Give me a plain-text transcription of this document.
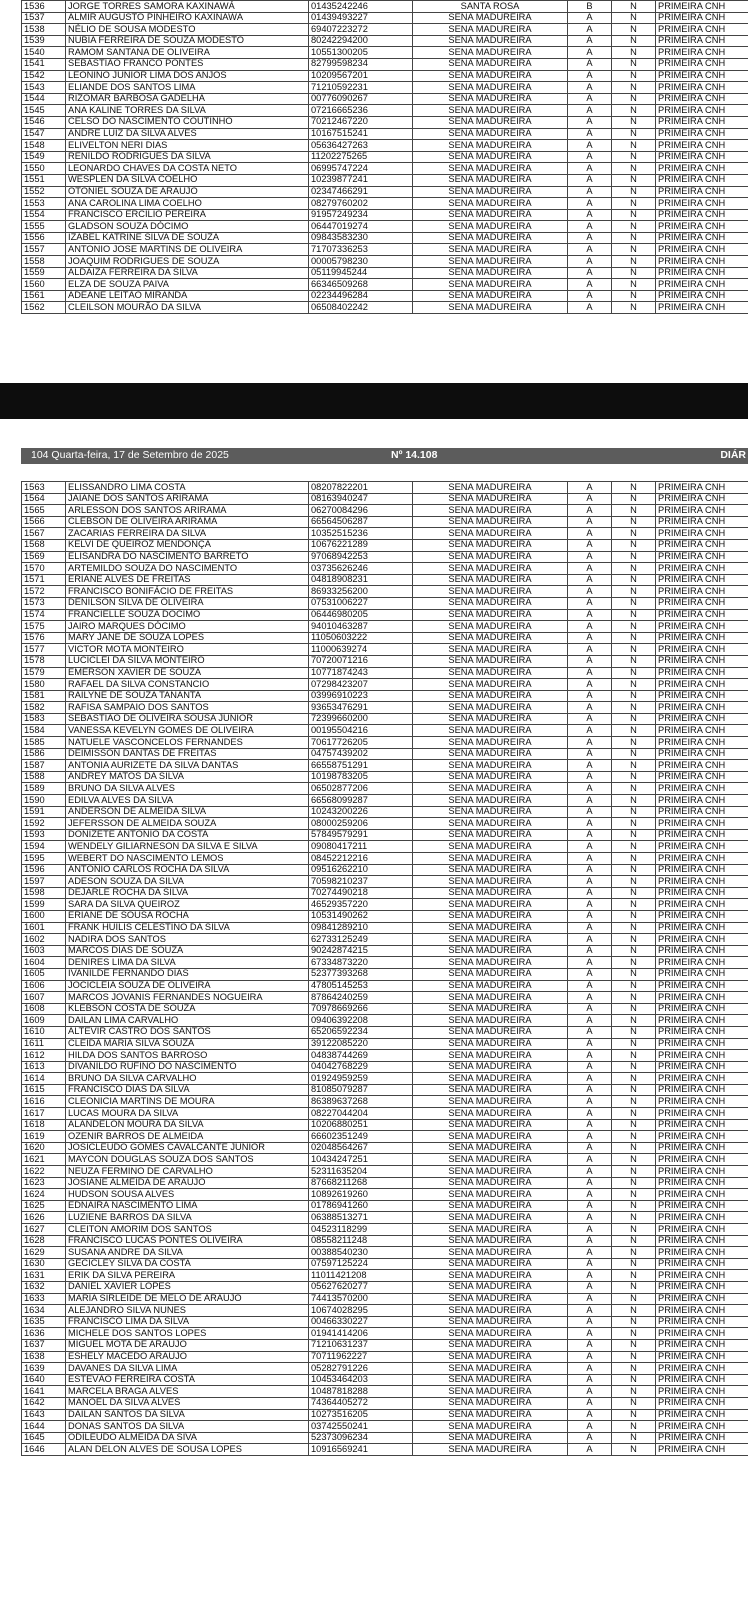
1536	JORGE TORRES SAMORA KAXINAWÁ	01435242246	SANTA ROSA	B	N	PRIMEIRA CNH
1537	ALMIR AUGUSTO PINHEIRO KAXINAWÁ	01439493227	SENA MADUREIRA	A	N	PRIMEIRA CNH
1538	NÉLIO DE SOUSA MODESTO	69407223272	SENA MADUREIRA	A	N	PRIMEIRA CNH
1539	NÚBIA FERREIRA DE SOUZA MODESTO	80242294200	SENA MADUREIRA	A	N	PRIMEIRA CNH
1540	RAMOM SANTANA DE OLIVEIRA	10551300205	SENA MADUREIRA	A	N	PRIMEIRA CNH
1541	SEBASTIÃO FRANCO PONTES	82799598234	SENA MADUREIRA	A	N	PRIMEIRA CNH
1542	LEONINO JUNIOR LIMA DOS ANJOS	10209567201	SENA MADUREIRA	A	N	PRIMEIRA CNH
1543	ELIANDE DOS SANTOS LIMA	71210592231	SENA MADUREIRA	A	N	PRIMEIRA CNH
1544	RIZOMAR BARBOSA GADELHA	00776090267	SENA MADUREIRA	A	N	PRIMEIRA CNH
1545	ANA KALINE TORRES DA SILVA	07216665236	SENA MADUREIRA	A	N	PRIMEIRA CNH
1546	CELSO DO NASCIMENTO COUTINHO	70212467220	SENA MADUREIRA	A	N	PRIMEIRA CNH
1547	ANDRE LUIZ DA SILVA ALVES	10167515241	SENA MADUREIRA	A	N	PRIMEIRA CNH
1548	ELIVELTON NERI DIAS	05636427263	SENA MADUREIRA	A	N	PRIMEIRA CNH
1549	RENILDO RODRIGUES DA SILVA	11202275265	SENA MADUREIRA	A	N	PRIMEIRA CNH
1550	LEONARDO CHAVES DA COSTA NETO	06995747224	SENA MADUREIRA	A	N	PRIMEIRA CNH
1551	WESPLEN DA SILVA COELHO	10239877241	SENA MADUREIRA	A	N	PRIMEIRA CNH
1552	OTONIEL SOUZA DE ARAUJO	02347466291	SENA MADUREIRA	A	N	PRIMEIRA CNH
1553	ANA CAROLINA LIMA COELHO	08279760202	SENA MADUREIRA	A	N	PRIMEIRA CNH
1554	FRANCISCO ERCILIO PEREIRA	91957249234	SENA MADUREIRA	A	N	PRIMEIRA CNH
1555	GLADSON SOUZA DÓCIMO	06447019274	SENA MADUREIRA	A	N	PRIMEIRA CNH
1556	IZABEL KATRINE SILVA DE SOUZA	09843583230	SENA MADUREIRA	A	N	PRIMEIRA CNH
1557	ANTONIO JOSE MARTINS DE OLIVEIRA	71707336253	SENA MADUREIRA	A	N	PRIMEIRA CNH
1558	JOAQUIM RODRIGUES DE SOUZA	00005798230	SENA MADUREIRA	A	N	PRIMEIRA CNH
1559	ALDAIZA FERREIRA DA SILVA	05119945244	SENA MADUREIRA	A	N	PRIMEIRA CNH
1560	ELZA DE SOUZA PAIVA	66346509268	SENA MADUREIRA	A	N	PRIMEIRA CNH
1561	ADEANE LEITÃO MIRANDA	02234496284	SENA MADUREIRA	A	N	PRIMEIRA CNH
1562	CLEILSON MOURÃO DA SILVA	06508402242	SENA MADUREIRA	A	N	PRIMEIRA CNH
104 Quarta-feira, 17 de Setembro de 2025	Nº 14.108	DIÁR
1563	ELISSANDRO LIMA COSTA	08207822201	SENA MADUREIRA	A	N	PRIMEIRA CNH
1564	JAIANE DOS SANTOS ARIRAMA	08163940247	SENA MADUREIRA	A	N	PRIMEIRA CNH
1565	ARLESSON DOS SANTOS ARIRAMA	06270084296	SENA MADUREIRA	A	N	PRIMEIRA CNH
1566	CLEBSON DE OLIVEIRA ARIRAMA	66564506287	SENA MADUREIRA	A	N	PRIMEIRA CNH
1567	ZACARIAS FERREIRA DA SILVA	10352515236	SENA MADUREIRA	A	N	PRIMEIRA CNH
1568	KELVI DE QUEIROZ MENDONÇA	10676221289	SENA MADUREIRA	A	N	PRIMEIRA CNH
1569	ELISANDRA DO NASCIMENTO BARRETO	97068942253	SENA MADUREIRA	A	N	PRIMEIRA CNH
1570	ARTEMILDO SOUZA DO NASCIMENTO	03735626246	SENA MADUREIRA	A	N	PRIMEIRA CNH
1571	ERIANE ALVES DE FREITAS	04818908231	SENA MADUREIRA	A	N	PRIMEIRA CNH
1572	FRANCISCO BONIFÁCIO DE FREITAS	86933256200	SENA MADUREIRA	A	N	PRIMEIRA CNH
1573	DENILSON SILVA DE OLIVEIRA	07531006227	SENA MADUREIRA	A	N	PRIMEIRA CNH
1574	FRANCIELLE SOUZA DOCIMO	06446980205	SENA MADUREIRA	A	N	PRIMEIRA CNH
1575	JAIRO MARQUES DÓCIMO	94010463287	SENA MADUREIRA	A	N	PRIMEIRA CNH
1576	MARY JANE DE SOUZA LOPES	11050603222	SENA MADUREIRA	A	N	PRIMEIRA CNH
1577	VICTOR MOTA MONTEIRO	11000639274	SENA MADUREIRA	A	N	PRIMEIRA CNH
1578	LUCICLEI DA SILVA MONTEIRO	70720071216	SENA MADUREIRA	A	N	PRIMEIRA CNH
1579	EMERSON XAVIER DE SOUZA	10771874243	SENA MADUREIRA	A	N	PRIMEIRA CNH
1580	RAFAEL DA SILVA CONSTANCIO	07298423207	SENA MADUREIRA	A	N	PRIMEIRA CNH
1581	RAILYNE DE SOUZA TANANTA	03996910223	SENA MADUREIRA	A	N	PRIMEIRA CNH
1582	RAFISA SAMPAIO DOS SANTOS	93653476291	SENA MADUREIRA	A	N	PRIMEIRA CNH
1583	SEBASTIÃO DE OLIVEIRA SOUSA JUNIOR	72399660200	SENA MADUREIRA	A	N	PRIMEIRA CNH
1584	VANESSA KEVELYN GOMES DE OLIVEIRA	00195504216	SENA MADUREIRA	A	N	PRIMEIRA CNH
1585	NATUELE VASCONCELOS FERNANDES	70617726205	SENA MADUREIRA	A	N	PRIMEIRA CNH
1586	DEIMISSON DANTAS DE FREITAS	04757439202	SENA MADUREIRA	A	N	PRIMEIRA CNH
1587	ANTONIA AURIZETE DA SILVA DANTAS	66558751291	SENA MADUREIRA	A	N	PRIMEIRA CNH
1588	ANDREY MATOS DA SILVA	10198783205	SENA MADUREIRA	A	N	PRIMEIRA CNH
1589	BRUNO DA SILVA ALVES	06502877206	SENA MADUREIRA	A	N	PRIMEIRA CNH
1590	EDILVA ALVES DA SILVA	66568099287	SENA MADUREIRA	A	N	PRIMEIRA CNH
1591	ANDERSON DE ALMEIDA SILVA	10243200226	SENA MADUREIRA	A	N	PRIMEIRA CNH
1592	JEFERSSON DE ALMEIDA SOUZA	08000259206	SENA MADUREIRA	A	N	PRIMEIRA CNH
1593	DONIZETE ANTÔNIO DA COSTA	57849579291	SENA MADUREIRA	A	N	PRIMEIRA CNH
1594	WENDELY GILIARNESON DA SILVA E SILVA	09080417211	SENA MADUREIRA	A	N	PRIMEIRA CNH
1595	WEBERT DO NASCIMENTO LEMOS	08452212216	SENA MADUREIRA	A	N	PRIMEIRA CNH
1596	ANTÔNIO CARLOS ROCHA DA SILVA	09516262210	SENA MADUREIRA	A	N	PRIMEIRA CNH
1597	ADESON SOUZA DA SILVA	70598210237	SENA MADUREIRA	A	N	PRIMEIRA CNH
1598	DEJARLE ROCHA DA SILVA	70274490218	SENA MADUREIRA	A	N	PRIMEIRA CNH
1599	SARA DA SILVA QUEIROZ	46529357220	SENA MADUREIRA	A	N	PRIMEIRA CNH
1600	ERIANE DE SOUSA ROCHA	10531490262	SENA MADUREIRA	A	N	PRIMEIRA CNH
1601	FRANK HUILIS CELESTINO DA SILVA	09841289210	SENA MADUREIRA	A	N	PRIMEIRA CNH
1602	NADIRA DOS SANTOS	62733125249	SENA MADUREIRA	A	N	PRIMEIRA CNH
1603	MARCOS DIAS DE SOUZA	90242874215	SENA MADUREIRA	A	N	PRIMEIRA CNH
1604	DENIRES LIMA DA SILVA	67334873220	SENA MADUREIRA	A	N	PRIMEIRA CNH
1605	IVANILDE FERNANDO DIAS	52377393268	SENA MADUREIRA	A	N	PRIMEIRA CNH
1606	JOCICLEIA SOUZA DE OLIVEIRA	47805145253	SENA MADUREIRA	A	N	PRIMEIRA CNH
1607	MARCOS JOVANIS FERNANDES NOGUEIRA	87864240259	SENA MADUREIRA	A	N	PRIMEIRA CNH
1608	KLEBSON COSTA DE SOUZA	70978669266	SENA MADUREIRA	A	N	PRIMEIRA CNH
1609	DAILAN LIMA CARVALHO	09406392208	SENA MADUREIRA	A	N	PRIMEIRA CNH
1610	ALTEVIR CASTRO DOS SANTOS	65206592234	SENA MADUREIRA	A	N	PRIMEIRA CNH
1611	CLEIDA MARIA SILVA SOUZA	39122085220	SENA MADUREIRA	A	N	PRIMEIRA CNH
1612	HILDA DOS SANTOS BARROSO	04838744269	SENA MADUREIRA	A	N	PRIMEIRA CNH
1613	DIVANILDO RUFINO DO NASCIMENTO	04042768229	SENA MADUREIRA	A	N	PRIMEIRA CNH
1614	BRUNO DA SILVA CARVALHO	01924959259	SENA MADUREIRA	A	N	PRIMEIRA CNH
1615	FRANCISCO DIAS DA SILVA	81085079287	SENA MADUREIRA	A	N	PRIMEIRA CNH
1616	CLEONICIA MARTINS DE MOURA	86389637268	SENA MADUREIRA	A	N	PRIMEIRA CNH
1617	LUCAS MOURA DA SILVA	08227044204	SENA MADUREIRA	A	N	PRIMEIRA CNH
1618	ALANDELON MOURA DA SILVA	10206880251	SENA MADUREIRA	A	N	PRIMEIRA CNH
1619	OZENIR BARROS DE ALMEIDA	66602351249	SENA MADUREIRA	A	N	PRIMEIRA CNH
1620	JOSICLEUDO GOMES CAVALCANTE JUNIOR	02048564267	SENA MADUREIRA	A	N	PRIMEIRA CNH
1621	MAYCON DOUGLAS SOUZA DOS SANTOS	10434247251	SENA MADUREIRA	A	N	PRIMEIRA CNH
1622	NEUZA FERMINO DE CARVALHO	52311635204	SENA MADUREIRA	A	N	PRIMEIRA CNH
1623	JOSIANE ALMEIDA DE ARAUJO	87668211268	SENA MADUREIRA	A	N	PRIMEIRA CNH
1624	HUDSON SOUSA ALVES	10892619260	SENA MADUREIRA	A	N	PRIMEIRA CNH
1625	EDNAIRA NASCIMENTO LIMA	01786941260	SENA MADUREIRA	A	N	PRIMEIRA CNH
1626	LUZIENE BARROS DA SILVA	06388513271	SENA MADUREIRA	A	N	PRIMEIRA CNH
1627	CLEITON AMORIM DOS SANTOS	04523118299	SENA MADUREIRA	A	N	PRIMEIRA CNH
1628	FRANCISCO LUCAS PONTES OLIVEIRA	08558211248	SENA MADUREIRA	A	N	PRIMEIRA CNH
1629	SUSANA ANDRE DA SILVA	00388540230	SENA MADUREIRA	A	N	PRIMEIRA CNH
1630	GECICLEY SILVA DA COSTA	07597125224	SENA MADUREIRA	A	N	PRIMEIRA CNH
1631	ERIK DA SILVA PEREIRA	11011421208	SENA MADUREIRA	A	N	PRIMEIRA CNH
1632	DANIEL XAVIER LOPES	05627620277	SENA MADUREIRA	A	N	PRIMEIRA CNH
1633	MARIA SIRLEIDE DE MELO DE ARAÚJO	74413570200	SENA MADUREIRA	A	N	PRIMEIRA CNH
1634	ALEJANDRO SILVA NUNES	10674028295	SENA MADUREIRA	A	N	PRIMEIRA CNH
1635	FRANCISCO LIMA DA SILVA	00466330227	SENA MADUREIRA	A	N	PRIMEIRA CNH
1636	MICHELE DOS SANTOS LOPES	01941414206	SENA MADUREIRA	A	N	PRIMEIRA CNH
1637	MIGUEL MOTA DE ARAÚJO	71210631237	SENA MADUREIRA	A	N	PRIMEIRA CNH
1638	ESHELY MACEDO ARAÚJO	70711962227	SENA MADUREIRA	A	N	PRIMEIRA CNH
1639	DAVANES DA SILVA LIMA	05282791226	SENA MADUREIRA	A	N	PRIMEIRA CNH
1640	ESTÉVÃO FERREIRA COSTA	10453464203	SENA MADUREIRA	A	N	PRIMEIRA CNH
1641	MARCELA BRAGA ALVES	10487818288	SENA MADUREIRA	A	N	PRIMEIRA CNH
1642	MANOEL DA SILVA ALVES	74364405272	SENA MADUREIRA	A	N	PRIMEIRA CNH
1643	DAILAN SANTOS DA SILVA	10273516205	SENA MADUREIRA	A	N	PRIMEIRA CNH
1644	DONAS SANTOS DA SILVA	03742550241	SENA MADUREIRA	A	N	PRIMEIRA CNH
1645	ODILEUDO ALMEIDA DA SIVA	52373096234	SENA MADUREIRA	A	N	PRIMEIRA CNH
1646	ALAN DELON ALVES DE SOUSA LOPES	10916569241	SENA MADUREIRA	A	N	PRIMEIRA CNH
